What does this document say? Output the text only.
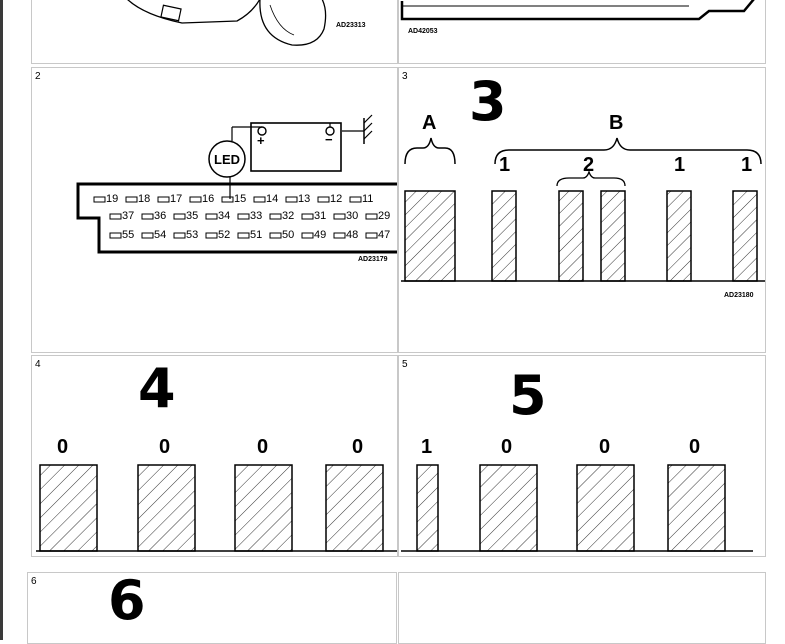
AD23313
AD42053
2
LED
+	−
19 18 17 16 15 14 13 12 11
37 36 35 34 33 32 31 30 29
55 54 53 52 51 50 49 48 47
AD23179
3 3
A	B
1	2	1	1
AD23180
4 4
0	0	0	0
5 5
1	0	0	0
6 6
